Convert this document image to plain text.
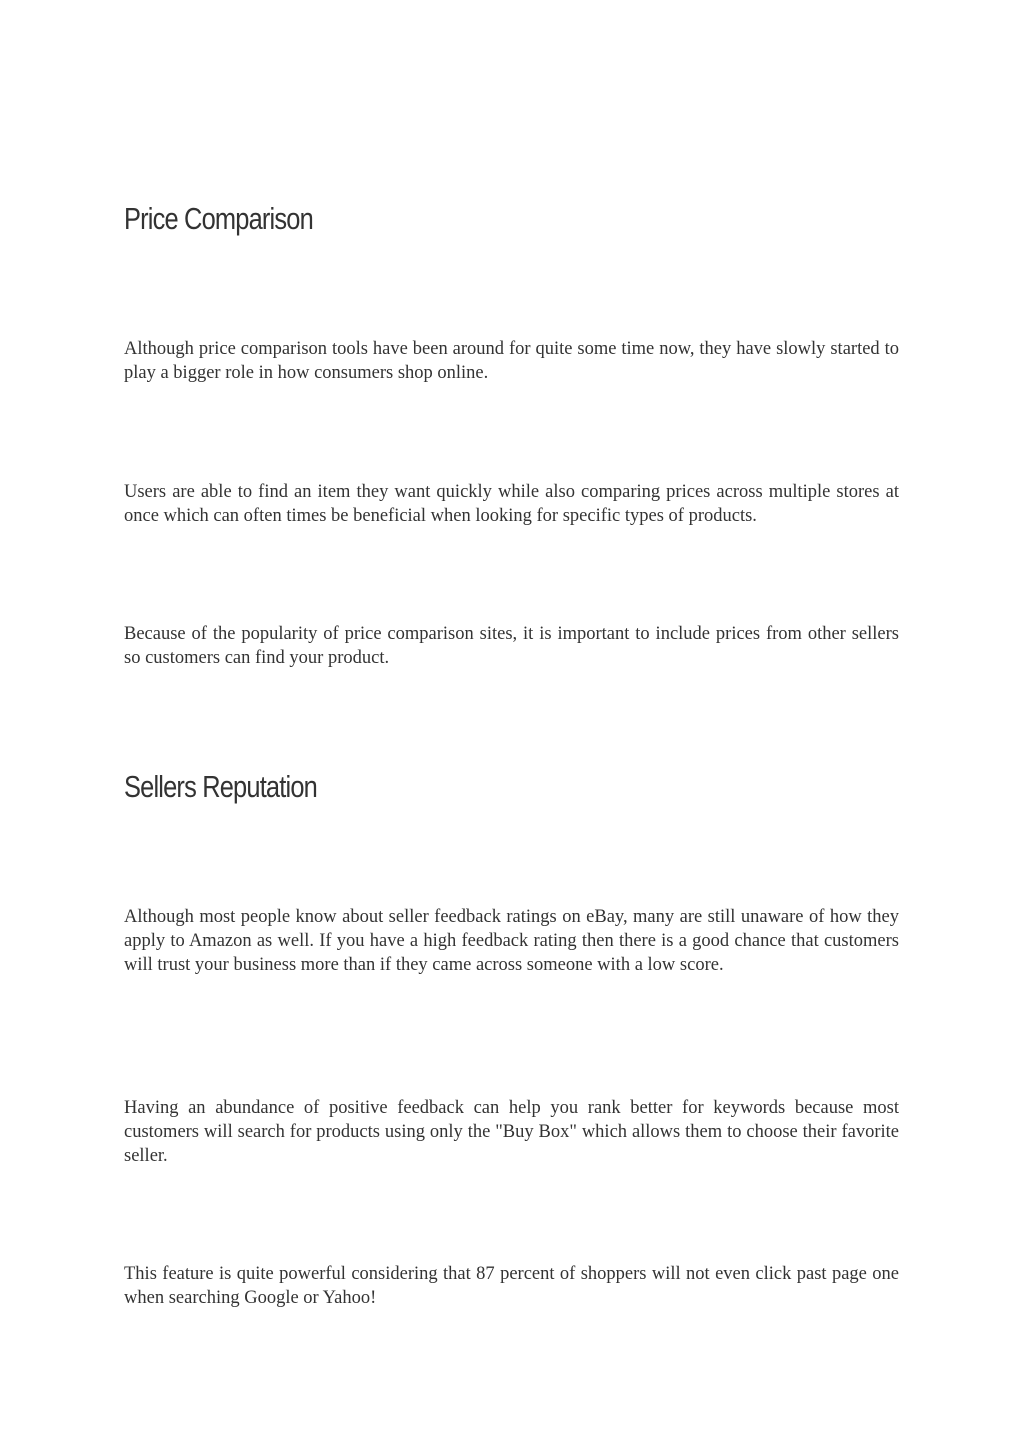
Price Comparison

Although price comparison tools have been around for quite some time now, they have slowly started to play a bigger role in how consumers shop online.

Users are able to find an item they want quickly while also comparing prices across multiple stores at once which can often times be beneficial when looking for specific types of products.

Because of the popularity of price comparison sites, it is important to include prices from other sellers so customers can find your product.

Sellers Reputation

Although most people know about seller feedback ratings on eBay, many are still unaware of how they apply to Amazon as well. If you have a high feedback rating then there is a good chance that customers will trust your business more than if they came across someone with a low score.

Having an abundance of positive feedback can help you rank better for keywords because most customers will search for products using only the "Buy Box" which allows them to choose their favorite seller.

This feature is quite powerful considering that 87 percent of shoppers will not even click past page one when searching Google or Yahoo!
